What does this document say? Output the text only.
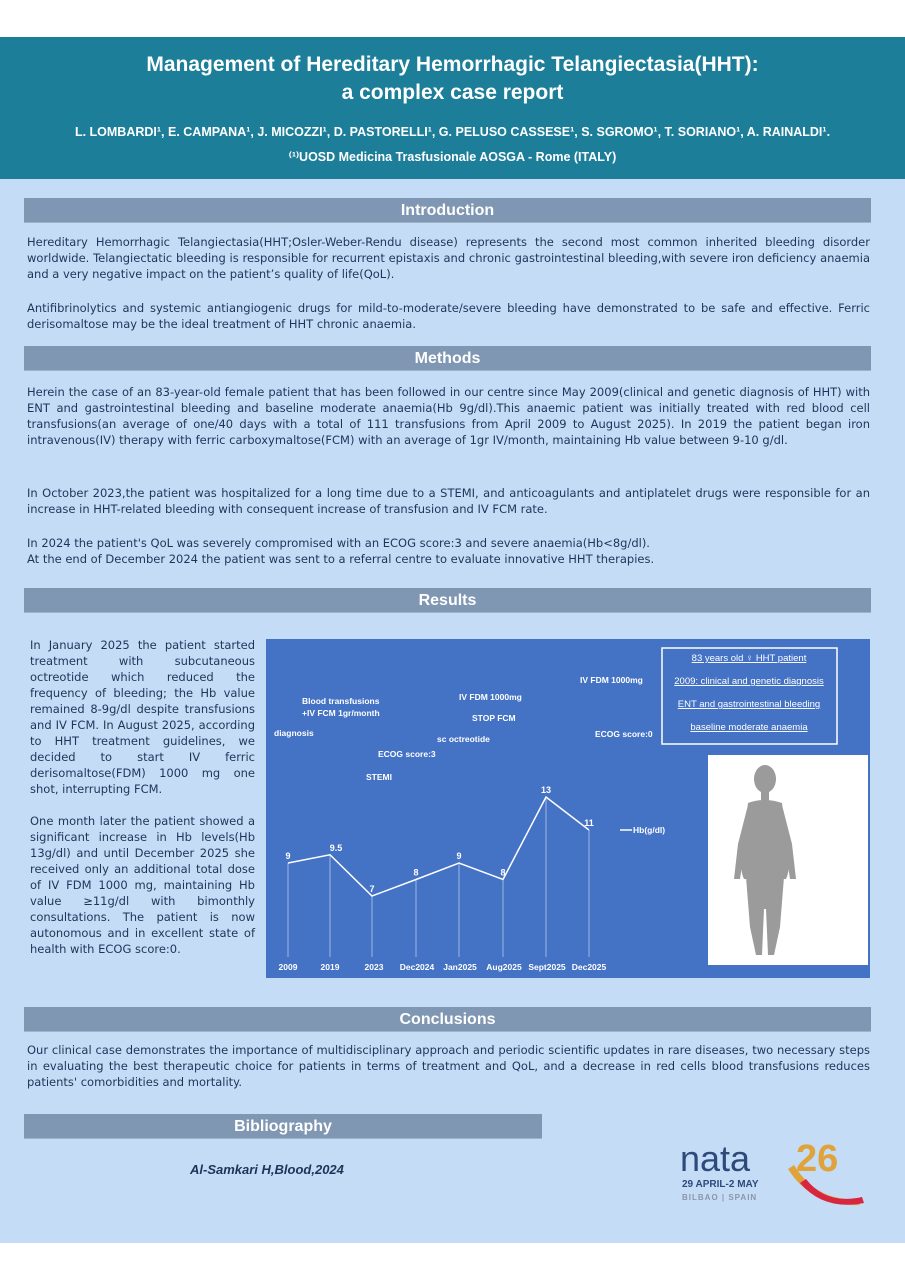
Management of Hereditary Hemorrhagic Telangiectasia(HHT):
a complex case report
L. LOMBARDI¹, E. CAMPANA¹, J. MICOZZI¹, D. PASTORELLI¹, G. PELUSO CASSESE¹, S. SGROMO¹, T. SORIANO¹, A. RAINALDI¹.
⁽¹⁾UOSD Medicina Trasfusionale AOSGA - Rome (ITALY)
Introduction
Hereditary Hemorrhagic Telangiectasia(HHT;Osler-Weber-Rendu disease) represents the second most common inherited bleeding disorder worldwide. Telangiectatic bleeding is responsible for recurrent epistaxis and chronic gastrointestinal bleeding,with severe iron deficiency anaemia and a very negative impact on the patient’s quality of life(QoL).
Antifibrinolytics and systemic antiangiogenic drugs for mild-to-moderate/severe bleeding have demonstrated to be safe and effective. Ferric derisomaltose may be the ideal treatment of HHT chronic anaemia.
Methods
Herein the case of an 83-year-old female patient that has been followed in our centre since May 2009(clinical and genetic diagnosis of HHT) with ENT and gastrointestinal bleeding and baseline moderate anaemia(Hb 9g/dl).This anaemic patient was initially treated with red blood cell transfusions(an average of one/40 days with a total of 111 transfusions from April 2009 to August 2025). In 2019 the patient began iron intravenous(IV) therapy with ferric carboxymaltose(FCM) with an average of 1gr IV/month, maintaining Hb value between 9-10 g/dl.
In October 2023,the patient was hospitalized for a long time due to a STEMI, and anticoagulants and antiplatelet drugs were responsible for an increase in HHT-related bleeding with consequent increase of transfusion and IV FCM rate.
In 2024 the patient's QoL was severely compromised with an ECOG score:3 and severe anaemia(Hb<8g/dl).
At the end of December 2024 the patient was sent to a referral centre to evaluate innovative HHT therapies.
Results

In January 2025 the patient started treatment with subcutaneous octreotide which reduced the frequency of bleeding; the Hb value remained 8-9g/dl despite transfusions and IV FCM. In August 2025, according to HHT treatment guidelines, we decided to start IV ferric derisomaltose(FDM) 1000 mg one shot, interrupting FCM.

One month later the patient showed a significant increase in Hb levels(Hb 13g/dl) and until December 2025 she received only an additional total dose of IV FDM 1000 mg, maintaining Hb value ≥11g/dl with bimonthly consultations. The patient is now autonomous and in excellent state of health with ECOG score:0.

83 years old ♀ HHT patient
2009: clinical and genetic diagnosis
ENT and gastrointestinal bleeding
baseline moderate anaemia
Hb(g/dl)
9
9.5
7
8
9
8
13
11
2009	2019	2023 Dec2024 Jan2025 Aug2025 Sept2025 Dec2025
diagnosis
Blood transfusions
+IV FCM 1gr/month
STEMI
ECOG score:3
sc octreotide
IV FDM 1000mg
STOP FCM
IV FDM 1000mg
ECOG score:0
Conclusions
Our clinical case demonstrates the importance of multidisciplinary approach and periodic scientific updates in rare diseases, two necessary steps in evaluating the best therapeutic choice for patients in terms of treatment and QoL, and a decrease in red cells blood transfusions reduces patients' comorbidities and mortality.
Bibliography
Al-Samkari H,Blood,2024	nata 26
29 APRIL-2 MAY
BILBAO | SPAIN
